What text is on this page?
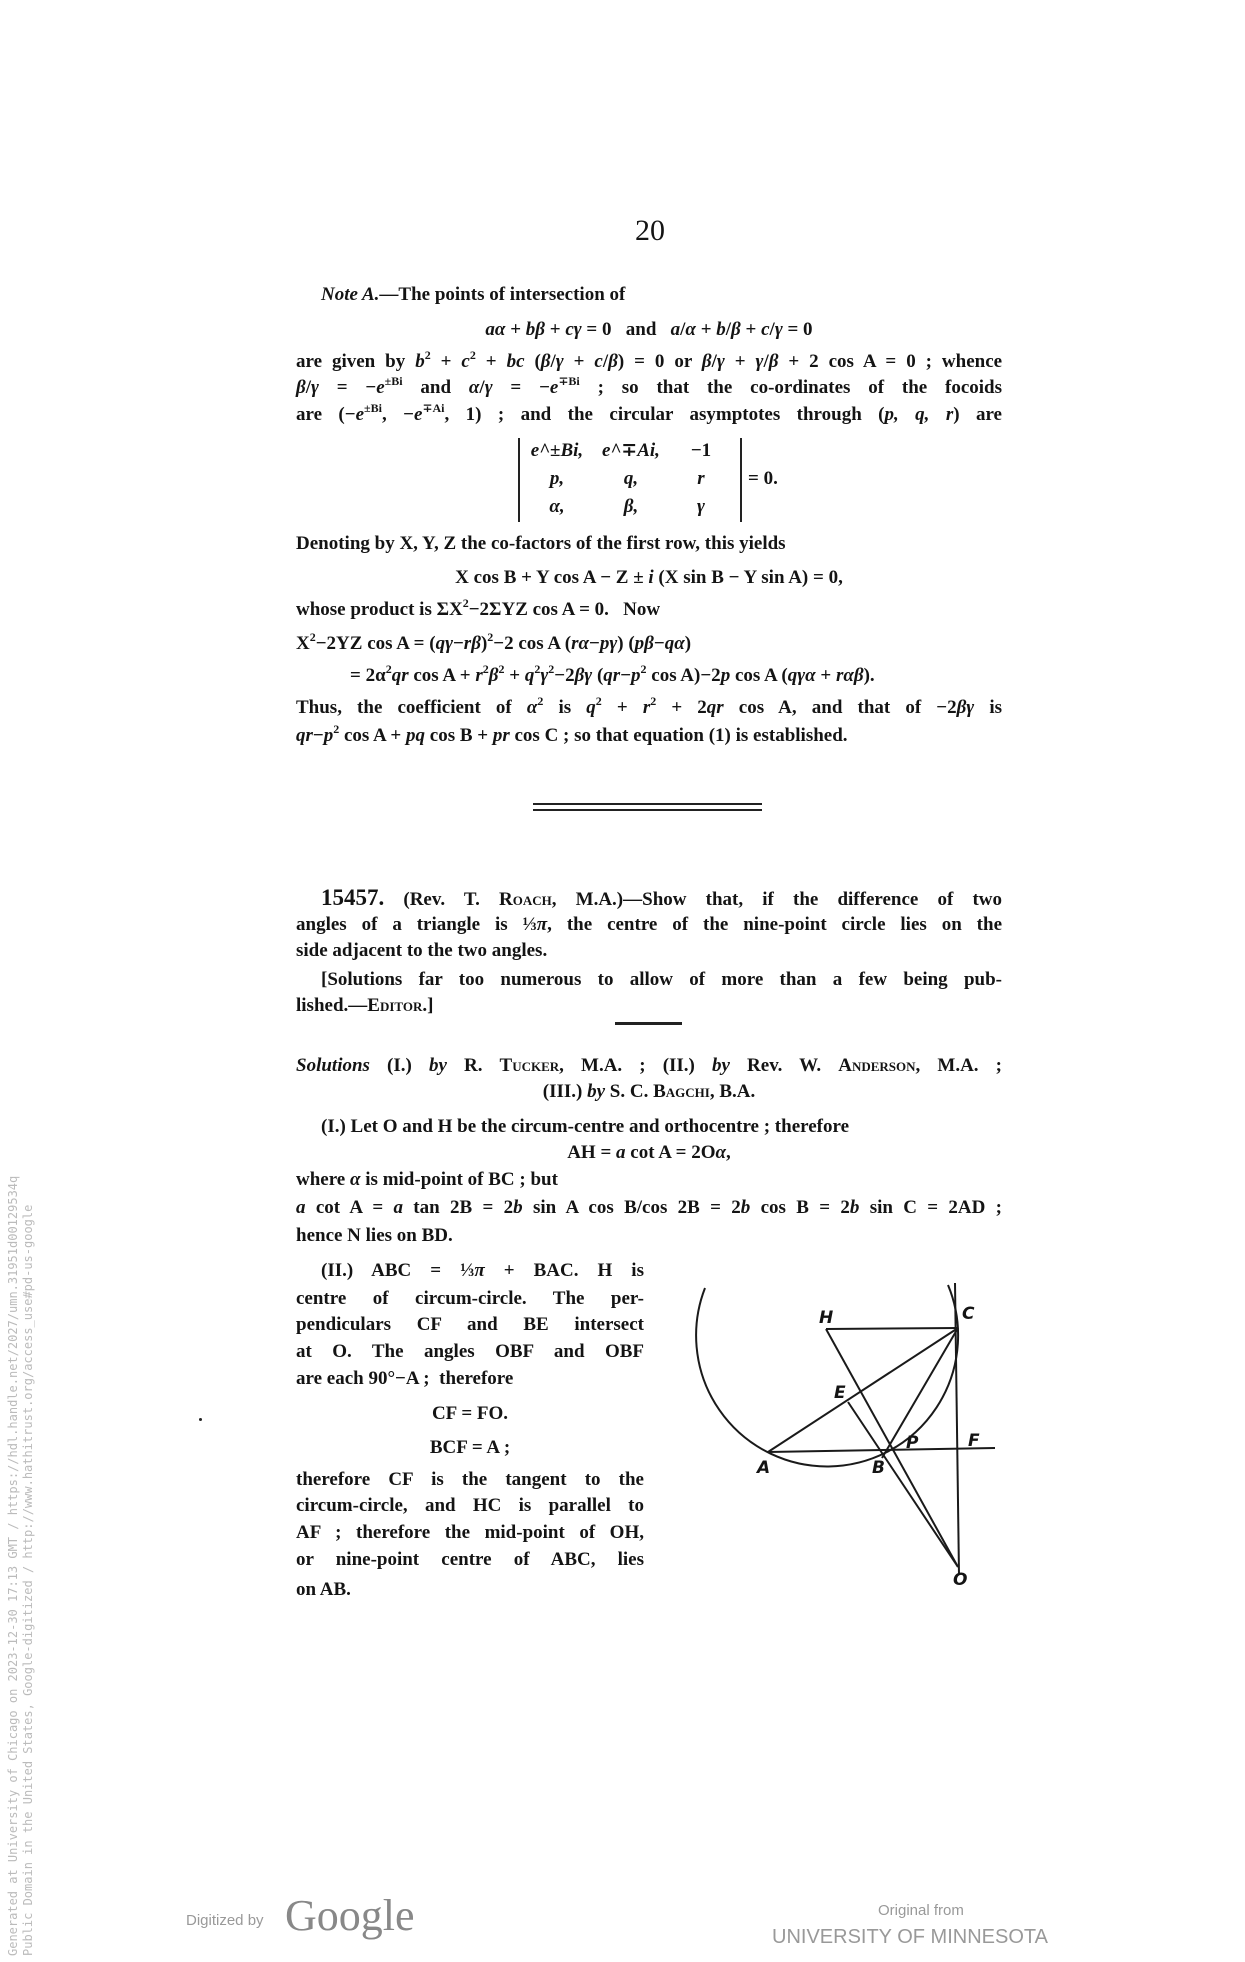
20
e^±Bi, e^∓Ai,	−1
p,	q,	r
α,	β,	γ
= 0.
H	C
E
P	F
A	B
O
Generated at University of Chicago on 2023-12-30 17:13 GMT / https://hdl.handle.net/2027/umn.31951d00129534q Public Domain in the United States, Google-digitized / http://www.hathitrust.org/access_use#pd-us-google	Digitized by Google	Original from
UNIVERSITY OF MINNESOTA
Note A.—The points of intersection of
aα + bβ + cγ = 0   and   a/α + b/β + c/γ = 0
are given by $b^2 + c^2$ + bc (β/γ + c/β) = 0 or β/γ + γ/β + 2 cos A = 0 ; whence
$\beta/\gamma = -e^{\pm Bi}$ and $\alpha/\gamma = -e^{\mp Bi}$ ; so that the co-ordinates of the focoids
are ($-e^{\pm Bi}$, $-e^{\mp Ai}$, 1) ; and the circular asymptotes through (p, q, r) are
Denoting by X, Y, Z the co-factors of the first row, this yields
X cos B + Y cos A − Z ± i (X sin B − Y sin A) = 0,
whose product is $\Sigma X^2-2\Sigma YZ$ cos A = 0.   Now
$X^2-2YZ$ $\cos A = (q\gamma-r\beta)^2-2$ cos A (rα−pγ) (pβ−qα)
= $2\alpha^2qr$ $\cos A + r^2\beta^2 + q^2\gamma^2-2\beta\gamma$ ($qr-p^2$ cos A)−2p cos A (qγα + rαβ).
Thus, the coefficient of $\alpha^2$ is $q^2 + r^2 + 2qr$ cos A, and that of −2βγ is
$qr-p^2$ cos A + pq cos B + pr cos C ; so that equation (1) is established.
15457. (Rev. T. Roach, M.A.)—Show that, if the difference of two
angles of a triangle is ⅓π, the centre of the nine-point circle lies on the
side adjacent to the two angles.
[Solutions far too numerous to allow of more than a few being pub-
lished.—Editor.]
Solutions (I.) by R. Tucker, M.A. ; (II.) by Rev. W. Anderson, M.A. ;
(III.) by S. C. Bagchi, B.A.
(I.) Let O and H be the circum-centre and orthocentre ; therefore
AH = a cot A = 2Oα,
where α is mid-point of BC ; but
a cot A = a tan 2B = 2b sin A cos B/cos 2B = 2b cos B = 2b sin C = 2AD ;
hence N lies on BD.
(II.) ABC = ⅓π + BAC. H is
centre of circum-circle. The per-
pendiculars CF and BE intersect
at O. The angles OBF and OBF
are each 90°−A ;  therefore
CF = FO.
BCF = A ;
therefore CF is the tangent to the
circum-circle, and HC is parallel to
AF ; therefore the mid-point of OH,
or nine-point centre of ABC, lies
on AB.
